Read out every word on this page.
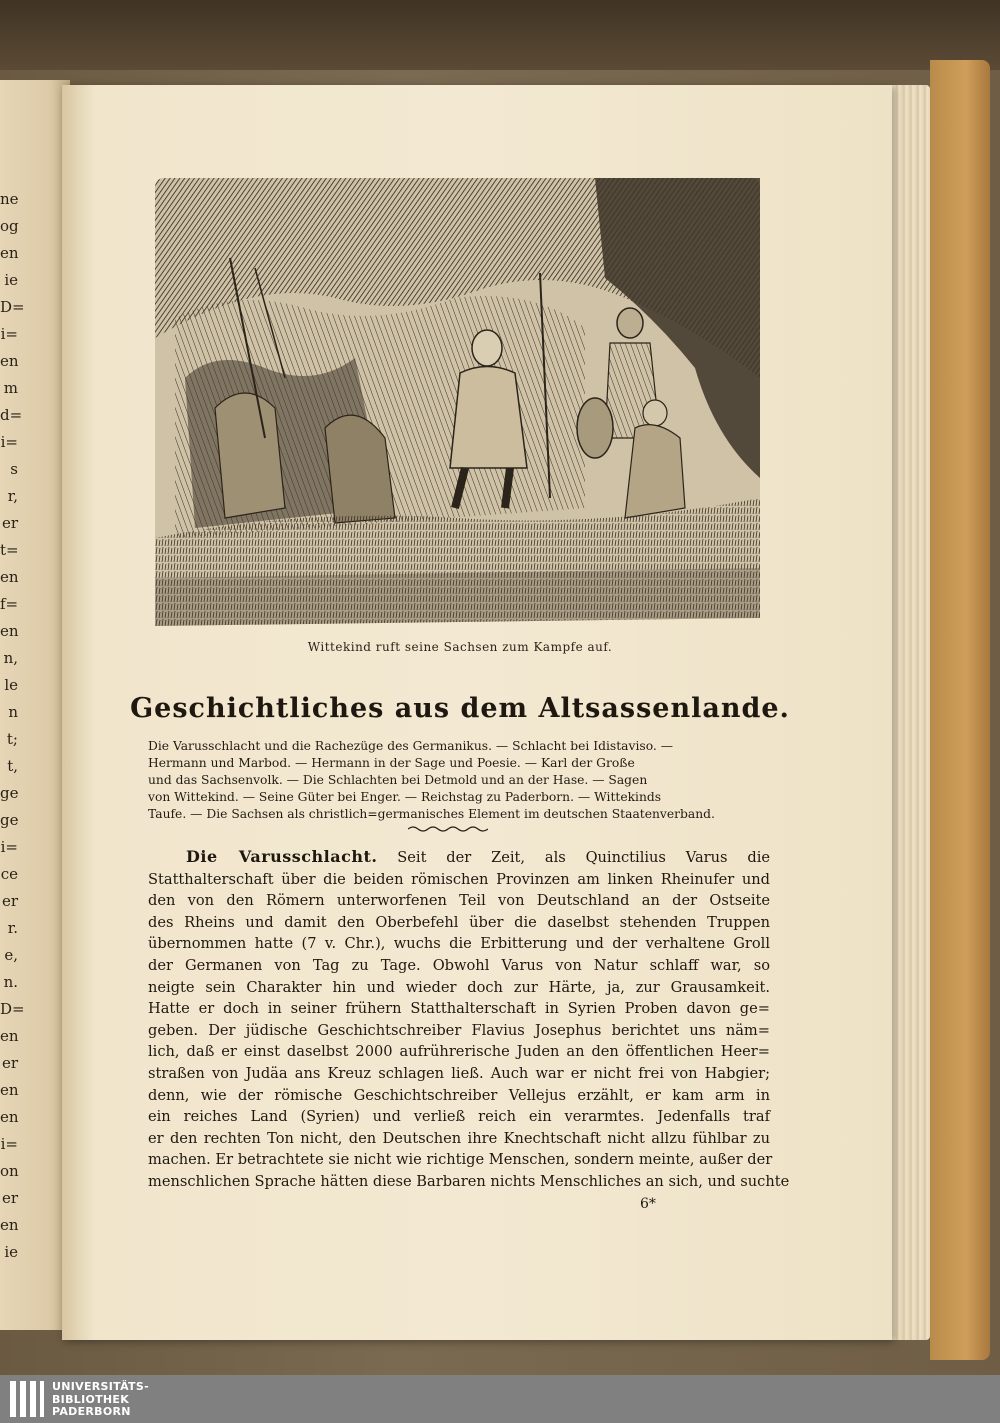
ne
og
en
ie
D=
i=
en
m
d=
i=
s
r,
er
t=
en
f=
en
n,
le
n
t;
t,
ge
ge
i=
ce
er
r.
e,
n.
D=
en
er
en
en
i=
on
er
en
ie
Wittekind ruft seine Sachsen zum Kampfe auf.
Geschichtliches aus dem Altsassenlande.
Die Varusschlacht und die Rachezüge des Germanikus. — Schlacht bei Idistaviso. —
Hermann und Marbod. — Hermann in der Sage und Poesie. — Karl der Große
und das Sachsenvolk. — Die Schlachten bei Detmold und an der Hase. — Sagen
von Wittekind. — Seine Güter bei Enger. — Reichstag zu Paderborn. — Wittekinds
Taufe. — Die Sachsen als christlich=germanisches Element im deutschen Staatenverband.
Die Varusschlacht. Seit der Zeit, als Quinctilius Varus die
Statthalterschaft über die beiden römischen Provinzen am linken Rheinufer und
den von den Römern unterworfenen Teil von Deutschland an der Ostseite
des Rheins und damit den Oberbefehl über die daselbst stehenden Truppen
übernommen hatte (7 v. Chr.), wuchs die Erbitterung und der verhaltene Groll
der Germanen von Tag zu Tage. Obwohl Varus von Natur schlaff war, so
neigte sein Charakter hin und wieder doch zur Härte, ja, zur Grausamkeit.
Hatte er doch in seiner frühern Statthalterschaft in Syrien Proben davon ge=
geben. Der jüdische Geschichtschreiber Flavius Josephus berichtet uns näm=
lich, daß er einst daselbst 2000 aufrührerische Juden an den öffentlichen Heer=
straßen von Judäa ans Kreuz schlagen ließ. Auch war er nicht frei von Habgier;
denn, wie der römische Geschichtschreiber Vellejus erzählt, er kam arm in
ein reiches Land (Syrien) und verließ reich ein verarmtes. Jedenfalls traf
er den rechten Ton nicht, den Deutschen ihre Knechtschaft nicht allzu fühlbar zu
machen. Er betrachtete sie nicht wie richtige Menschen, sondern meinte, außer der
menschlichen Sprache hätten diese Barbaren nichts Menschliches an sich, und suchte
6*
UNIVERSITÄTS-
BIBLIOTHEK
PADERBORN
